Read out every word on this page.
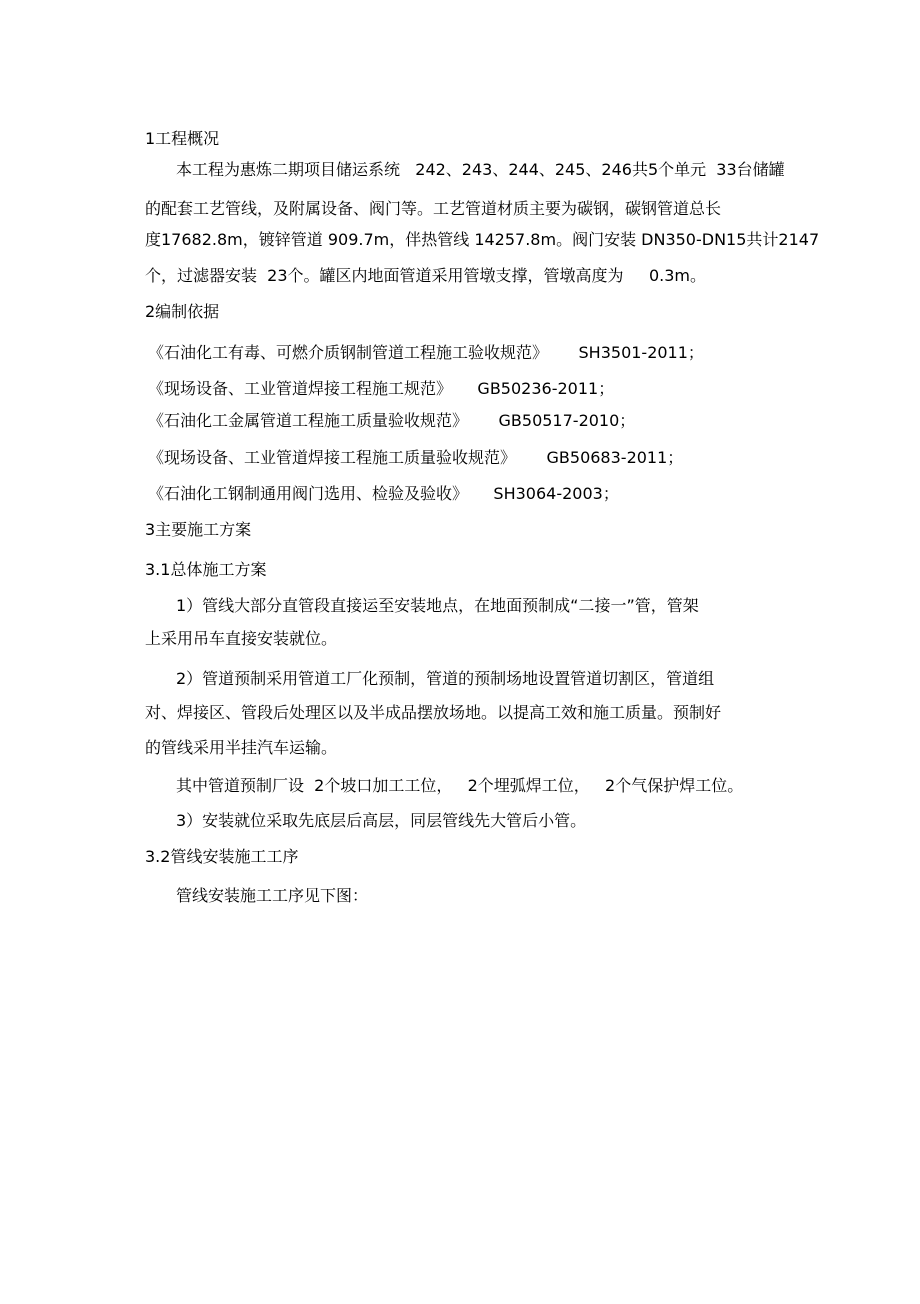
1工程概况
本工程为惠炼二期项目储运系统   242、243、244、245、246共5个单元  33台储罐
的配套工艺管线，及附属设备、阀门等。工艺管道材质主要为碳钢，碳钢管道总长
度17682.8m，镀锌管道 909.7m，伴热管线 14257.8m。阀门安装 DN350-DN15共计2147
个，过滤器安装  23个。罐区内地面管道采用管墩支撑，管墩高度为     0.3m。
2编制依据
《石油化工有毒、可燃介质钢制管道工程施工验收规范》      SH3501-2011；
《现场设备、工业管道焊接工程施工规范》     GB50236-2011；
《石油化工金属管道工程施工质量验收规范》      GB50517-2010；
《现场设备、工业管道焊接工程施工质量验收规范》      GB50683-2011；
《石油化工钢制通用阀门选用、检验及验收》     SH3064-2003；
3主要施工方案
3.1总体施工方案
1）管线大部分直管段直接运至安装地点，在地面预制成“二接一”管，管架
上采用吊车直接安装就位。
2）管道预制采用管道工厂化预制，管道的预制场地设置管道切割区，管道组
对、焊接区、管段后处理区以及半成品摆放场地。以提高工效和施工质量。预制好
的管线采用半挂汽车运输。
其中管道预制厂设  2个坡口加工工位，   2个埋弧焊工位，   2个气保护焊工位。
3）安装就位采取先底层后高层，同层管线先大管后小管。
3.2管线安装施工工序
管线安装施工工序见下图：
